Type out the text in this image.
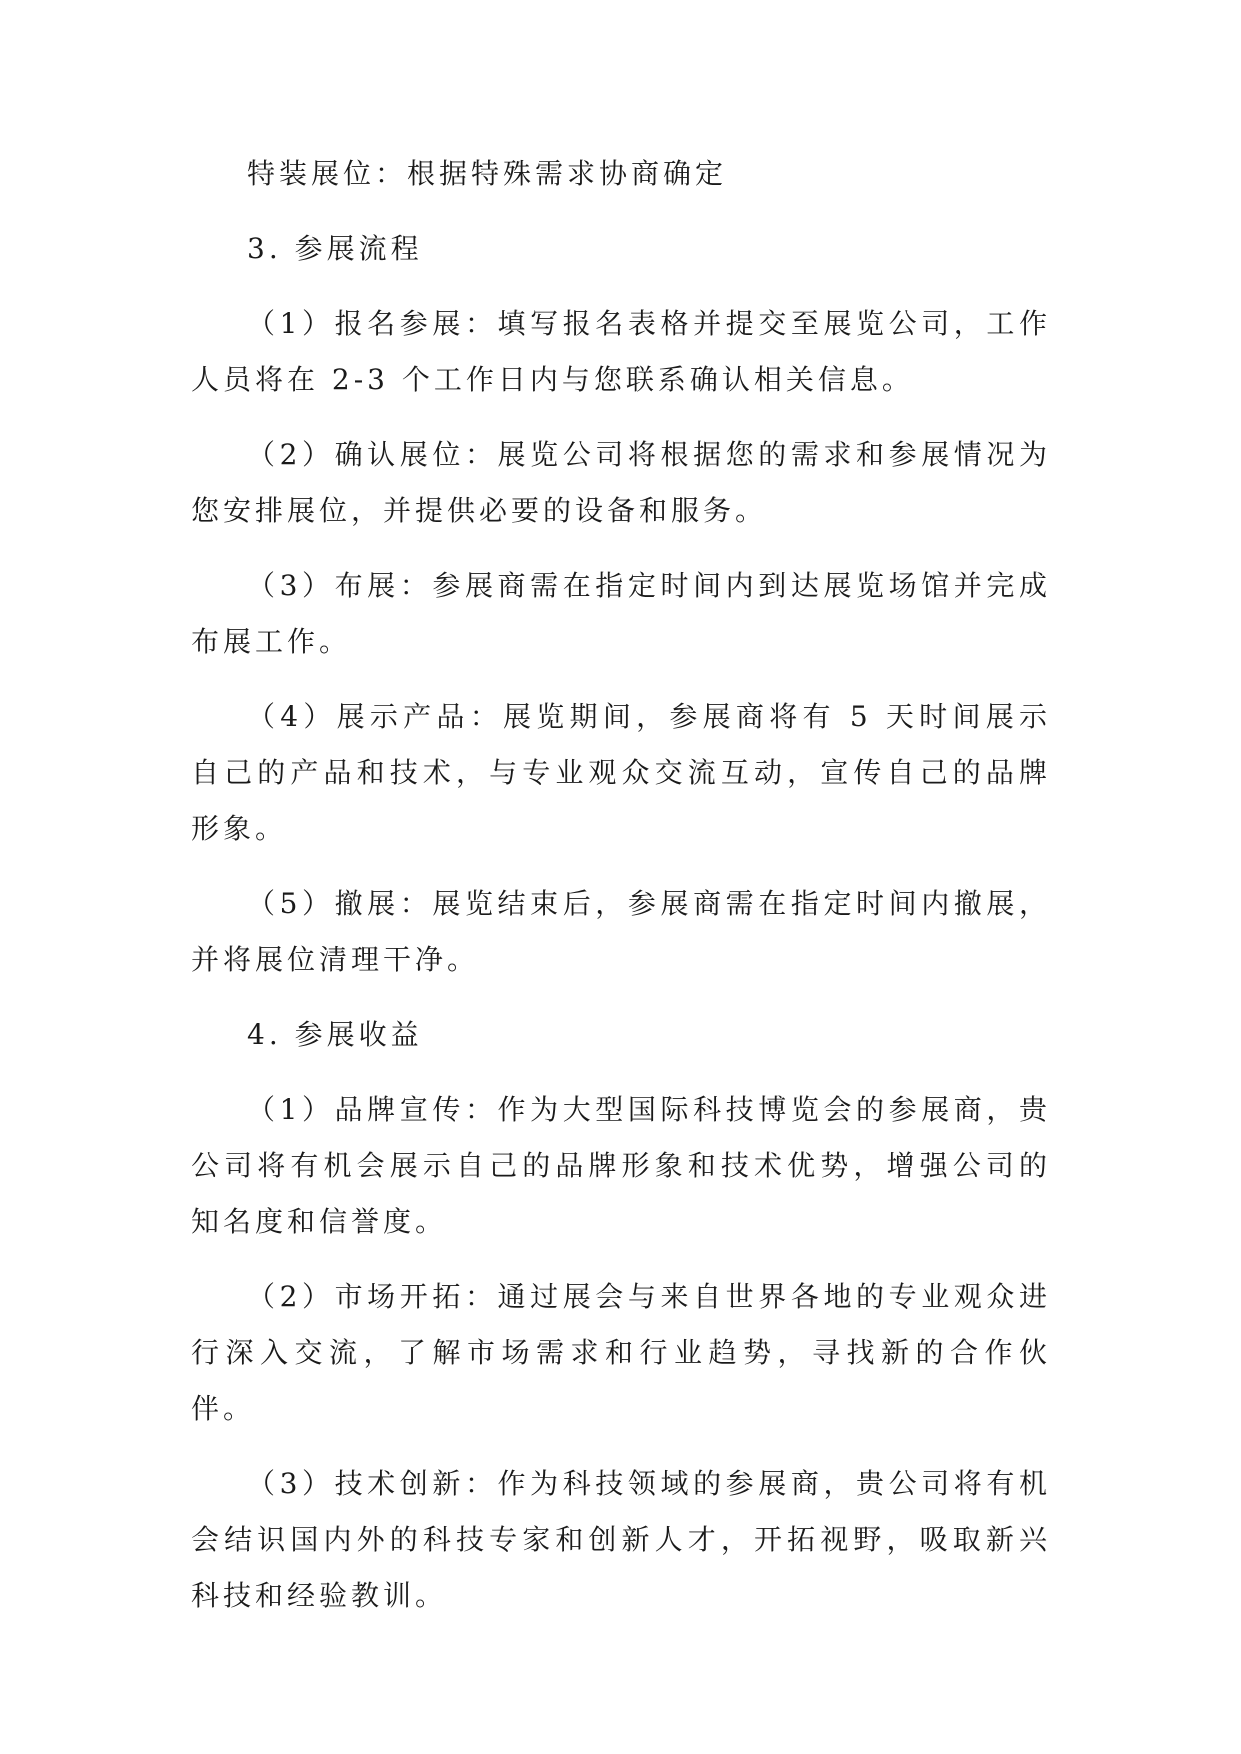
特装展位：根据特殊需求协商确定

3. 参展流程

（1）报名参展：填写报名表格并提交至展览公司，工作人员将在 2-3 个工作日内与您联系确认相关信息。

（2）确认展位：展览公司将根据您的需求和参展情况为您安排展位，并提供必要的设备和服务。

（3）布展：参展商需在指定时间内到达展览场馆并完成布展工作。

（4）展示产品：展览期间，参展商将有 5 天时间展示自己的产品和技术，与专业观众交流互动，宣传自己的品牌形象。

（5）撤展：展览结束后，参展商需在指定时间内撤展，并将展位清理干净。

4. 参展收益

（1）品牌宣传：作为大型国际科技博览会的参展商，贵公司将有机会展示自己的品牌形象和技术优势，增强公司的知名度和信誉度。

（2）市场开拓：通过展会与来自世界各地的专业观众进行深入交流，了解市场需求和行业趋势，寻找新的合作伙伴。

（3）技术创新：作为科技领域的参展商，贵公司将有机会结识国内外的科技专家和创新人才，开拓视野，吸取新兴科技和经验教训。
